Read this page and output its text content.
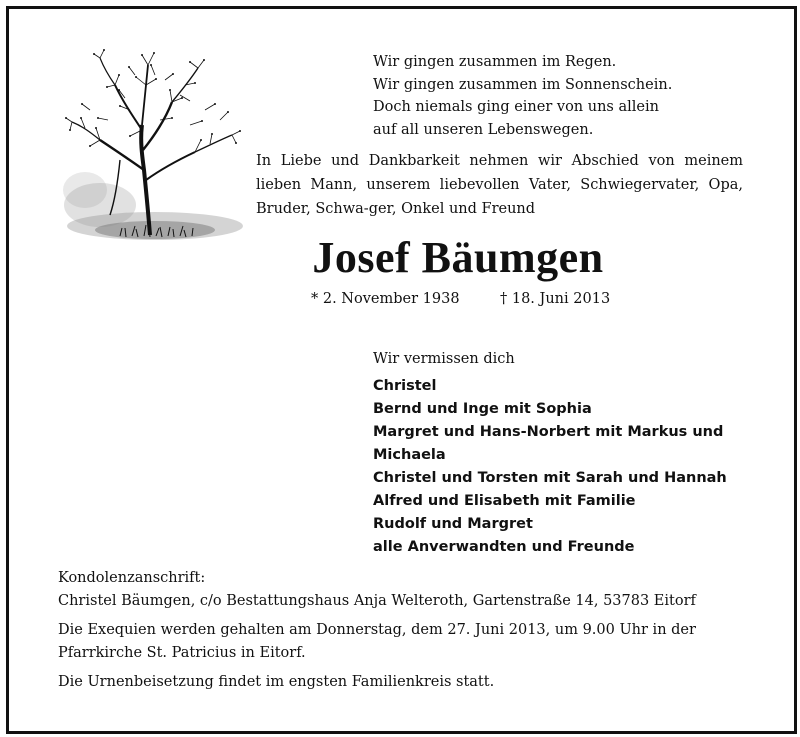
Wir gingen zusammen im Regen.
Wir gingen zusammen im Sonnenschein.
Doch niemals ging einer von uns allein
auf all unseren Lebenswegen.
In Liebe und Dankbarkeit nehmen wir Abschied von meinem lieben Mann, unserem liebevollen Vater, Schwiegervater, Opa, Bruder, Schwa-ger, Onkel und Freund
Josef Bäumgen
* 2. November 1938	† 18. Juni 2013
Wir vermissen dich
Christel
Bernd und Inge mit Sophia
Margret und Hans-Norbert mit Markus und
Michaela
Christel und Torsten mit Sarah und Hannah
Alfred und Elisabeth mit Familie
Rudolf und Margret
alle Anverwandten und Freunde

Kondolenzanschrift:

Christel Bäumgen, c/o Bestattungshaus Anja Welteroth, Gartenstraße 14, 53783 Eitorf

Die Exequien werden gehalten am Donnerstag, dem 27. Juni 2013, um 9.00 Uhr in der Pfarrkirche St. Patricius in Eitorf.

Die Urnenbeisetzung findet im engsten Familienkreis statt.
